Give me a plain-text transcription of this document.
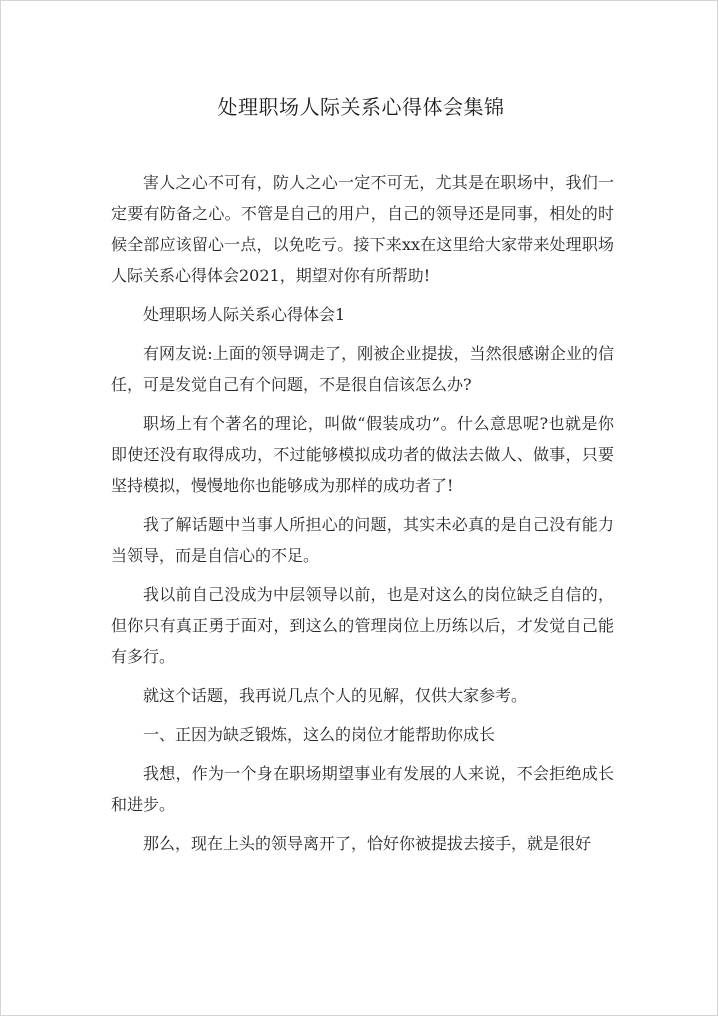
处理职场人际关系心得体会集锦

害人之心不可有，防人之心一定不可无，尤其是在职场中，我们一定要有防备之心。不管是自己的用户，自己的领导还是同事，相处的时候全部应该留心一点，以免吃亏。接下来xx在这里给大家带来处理职场人际关系心得体会2021，期望对你有所帮助!

处理职场人际关系心得体会1

有网友说:上面的领导调走了，刚被企业提拔，当然很感谢企业的信任，可是发觉自己有个问题，不是很自信该怎么办?

职场上有个著名的理论，叫做“假装成功”。什么意思呢?也就是你即使还没有取得成功，不过能够模拟成功者的做法去做人、做事，只要坚持模拟，慢慢地你也能够成为那样的成功者了!

我了解话题中当事人所担心的问题，其实未必真的是自己没有能力当领导，而是自信心的不足。

我以前自己没成为中层领导以前，也是对这么的岗位缺乏自信的，但你只有真正勇于面对，到这么的管理岗位上历练以后，才发觉自己能有多行。

就这个话题，我再说几点个人的见解，仅供大家参考。

一、正因为缺乏锻炼，这么的岗位才能帮助你成长

我想，作为一个身在职场期望事业有发展的人来说，不会拒绝成长和进步。

那么，现在上头的领导离开了，恰好你被提拔去接手，就是很好
